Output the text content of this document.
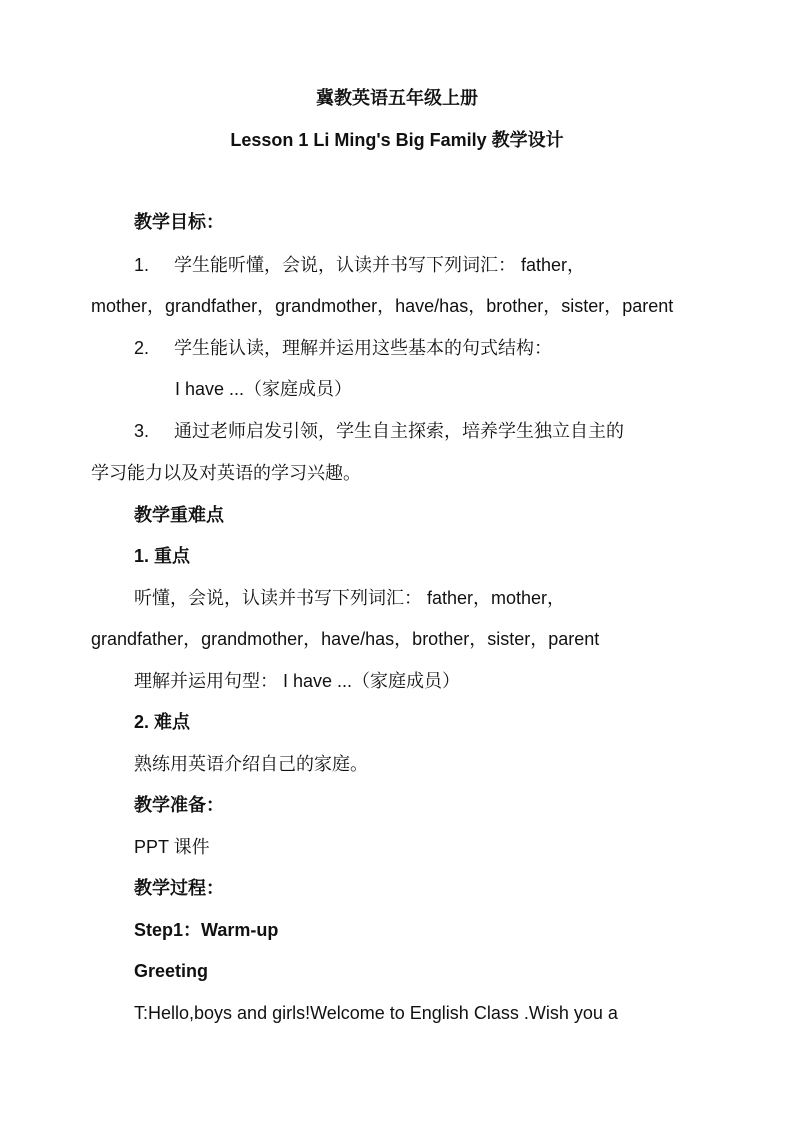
冀教英语五年级上册
Lesson 1 Li Ming's Big Family 教学设计
教学目标：
1. 学生能听懂，会说，认读并书写下列词汇： father，
mother，grandfather，grandmother，have/has，brother，sister，parent
2. 学生能认读，理解并运用这些基本的句式结构：
I have ...（家庭成员）
3. 通过老师启发引领，学生自主探索，培养学生独立自主的
学习能力以及对英语的学习兴趣。
教学重难点
1. 重点
听懂，会说，认读并书写下列词汇： father，mother，
grandfather，grandmother，have/has，brother，sister，parent
理解并运用句型： I have ...（家庭成员）
2. 难点
熟练用英语介绍自己的家庭。
教学准备：
PPT 课件
教学过程：
Step1：Warm-up
Greeting
T:Hello,boys and girls!Welcome to English Class .Wish you a
